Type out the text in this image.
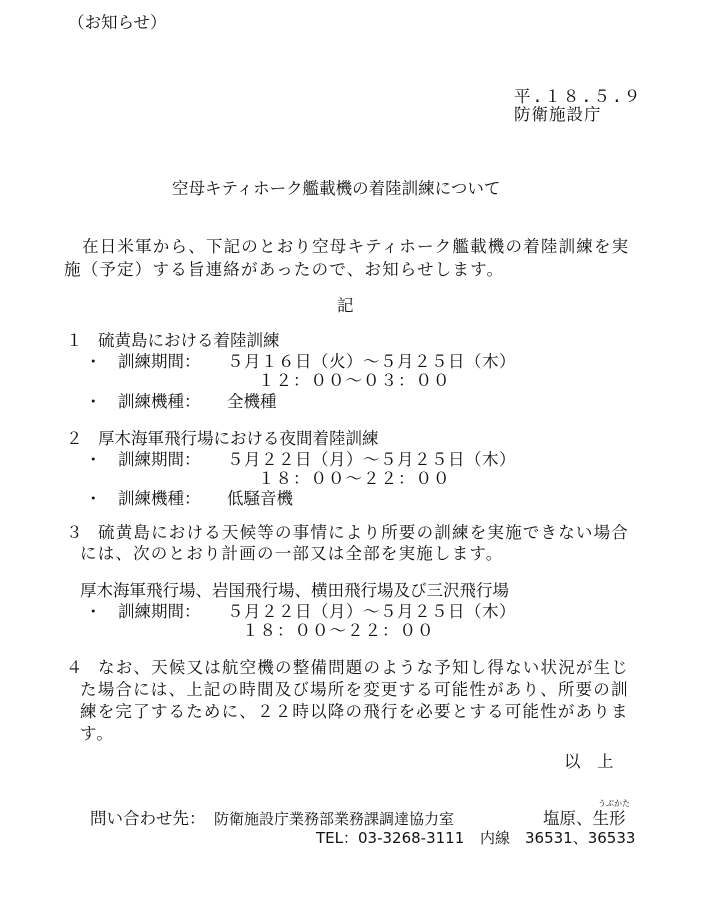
（お知らせ）
平.１８.５.９
防衛施設庁
空母キティホーク艦載機の着陸訓練について
在日米軍から、下記のとおり空母キティホーク艦載機の着陸訓練を実
施（予定）する旨連絡があったので、お知らせします。
記
１ 硫黄島における着陸訓練
・　訓練期間： ５月１６日（火）～５月２５日（木）
１２：００～０３：００
・　訓練機種： 全機種
２ 厚木海軍飛行場における夜間着陸訓練
・　訓練期間： ５月２２日（月）～５月２５日（木）
１８：００～２２：００
・　訓練機種： 低騒音機
３ 硫黄島における天候等の事情により所要の訓練を実施できない場合
には、次のとおり計画の一部又は全部を実施します。
厚木海軍飛行場、岩国飛行場、横田飛行場及び三沢飛行場
・　訓練期間： ５月２２日（月）～５月２５日（木）
１８：００～２２：００
４ なお、天候又は航空機の整備問題のような予知し得ない状況が生じ
た場合には、上記の時間及び場所を変更する可能性があり、所要の訓
練を完了するために、２２時以降の飛行を必要とする可能性がありま
す。
以　上
問い合わせ先： 防衛施設庁業務部業務課調達協力室
うぶかた
塩原、生形
TEL：03-3268-3111 内線　36531、36533
